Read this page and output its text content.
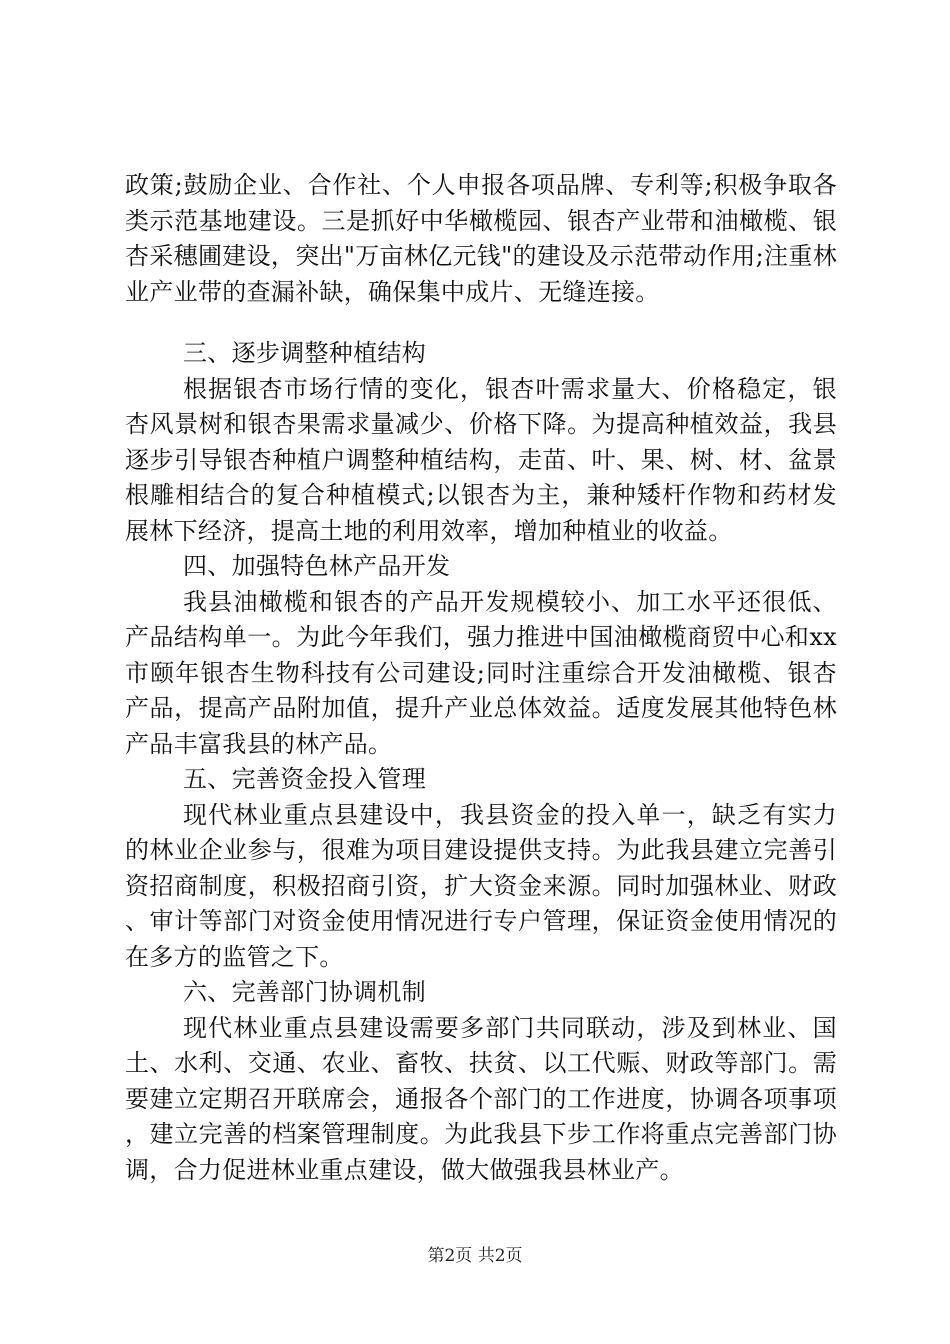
政策;鼓励企业、合作社、个人申报各项品牌、专利等;积极争取各类示范基地建设。三是抓好中华橄榄园、银杏产业带和油橄榄、银杏采穗圃建设，突出"万亩林亿元钱"的建设及示范带动作用;注重林业产业带的查漏补缺，确保集中成片、无缝连接。

三、逐步调整种植结构

根据银杏市场行情的变化，银杏叶需求量大、价格稳定，银杏风景树和银杏果需求量减少、价格下降。为提高种植效益，我县逐步引导银杏种植户调整种植结构，走苗、叶、果、树、材、盆景根雕相结合的复合种植模式;以银杏为主，兼种矮杆作物和药材发展林下经济，提高土地的利用效率，增加种植业的收益。

四、加强特色林产品开发

我县油橄榄和银杏的产品开发规模较小、加工水平还很低、产品结构单一。为此今年我们，强力推进中国油橄榄商贸中心和xx市颐年银杏生物科技有公司建设;同时注重综合开发油橄榄、银杏产品，提高产品附加值，提升产业总体效益。适度发展其他特色林产品丰富我县的林产品。

五、完善资金投入管理

现代林业重点县建设中，我县资金的投入单一，缺乏有实力的林业企业参与，很难为项目建设提供支持。为此我县建立完善引资招商制度，积极招商引资，扩大资金来源。同时加强林业、财政、审计等部门对资金使用情况进行专户管理，保证资金使用情况的在多方的监管之下。

六、完善部门协调机制

现代林业重点县建设需要多部门共同联动，涉及到林业、国土、水利、交通、农业、畜牧、扶贫、以工代赈、财政等部门。需要建立定期召开联席会，通报各个部门的工作进度，协调各项事项，建立完善的档案管理制度。为此我县下步工作将重点完善部门协调，合力促进林业重点建设，做大做强我县林业产。

第2页 共2页
